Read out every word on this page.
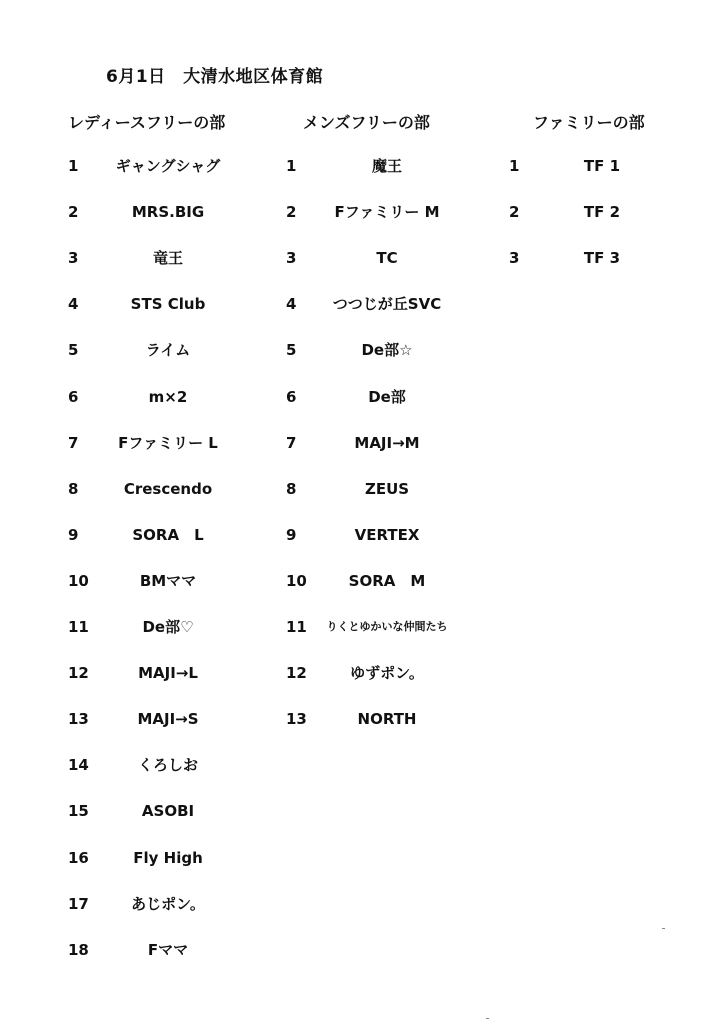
6月1日　大清水地区体育館
レディースフリーの部	メンズフリーの部	ファミリーの部
1 ギャングシャグ
2	MRS.BIG
3	竜王
4	STS Club
5	ライム
6	m×2
7	Fファミリー L
8	Crescendo
9	SORA　L
10	BMママ
11	De部♡
12	MAJI→L
13	MAJI→S
14	くろしお
15	ASOBI
16	Fly High
17	あじポン。
18	Fママ
1	魔王
2	Fファミリー M
3	TC
4 つつじが丘SVC
5	De部☆
6	De部
7	MAJI→M
8	ZEUS
9	VERTEX
10	SORA　M
11 りくとゆかいな仲間たち
12	ゆずポン。
13	NORTH
1	TF 1
2	TF 2
3	TF 3
